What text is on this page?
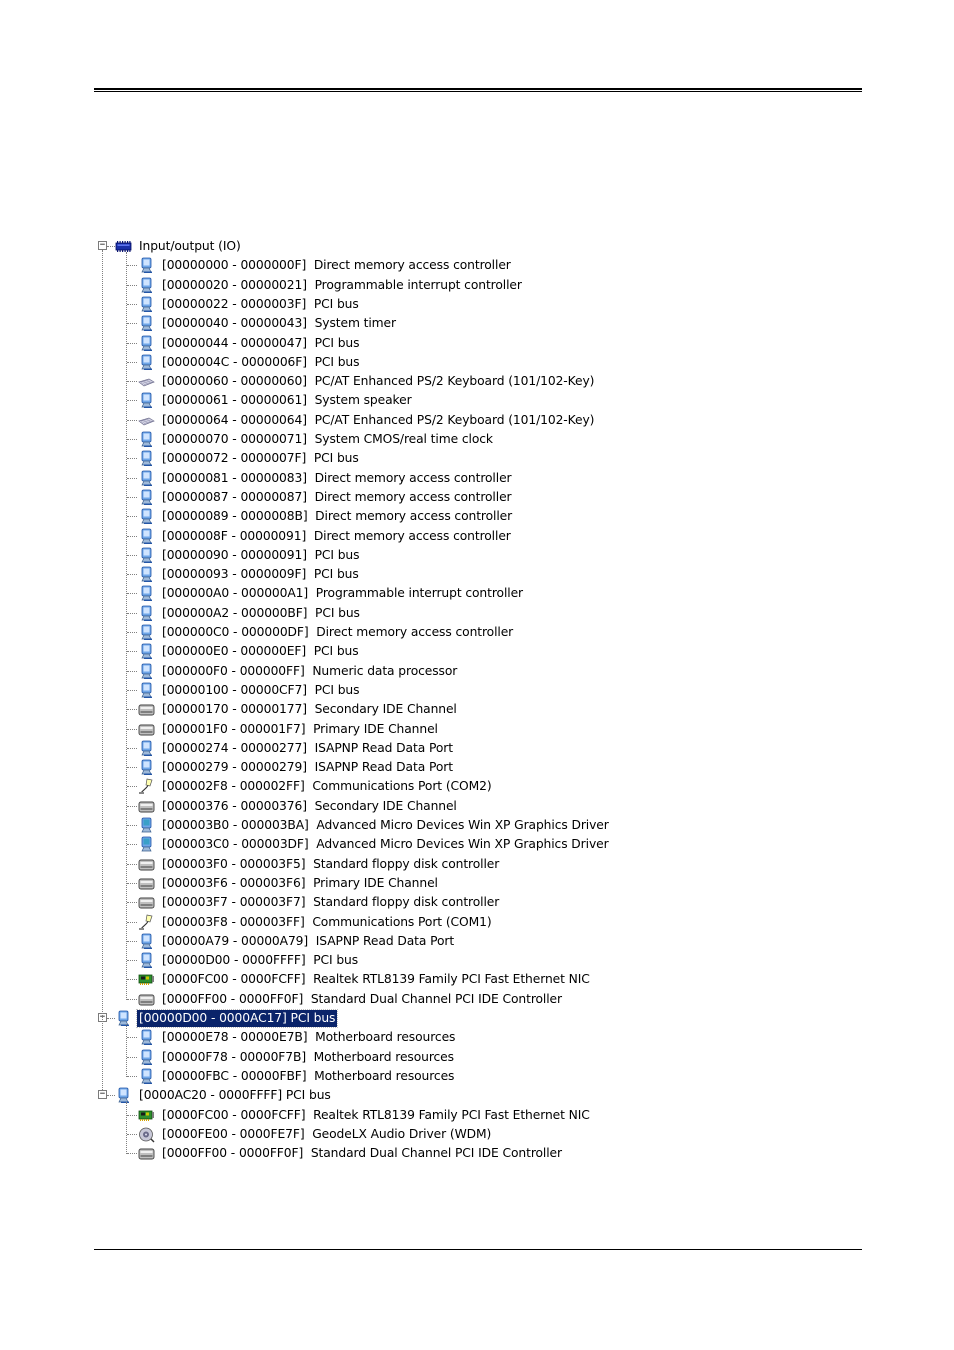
−	Input/output (IO)
[00000000 - 0000000F] Direct memory access controller
[00000020 - 00000021] Programmable interrupt controller
[00000022 - 0000003F] PCI bus
[00000040 - 00000043] System timer
[00000044 - 00000047] PCI bus
[0000004C - 0000006F] PCI bus
[00000060 - 00000060] PC/AT Enhanced PS/2 Keyboard (101/102-Key)
[00000061 - 00000061] System speaker
[00000064 - 00000064] PC/AT Enhanced PS/2 Keyboard (101/102-Key)
[00000070 - 00000071] System CMOS/real time clock
[00000072 - 0000007F] PCI bus
[00000081 - 00000083] Direct memory access controller
[00000087 - 00000087] Direct memory access controller
[00000089 - 0000008B] Direct memory access controller
[0000008F - 00000091] Direct memory access controller
[00000090 - 00000091] PCI bus
[00000093 - 0000009F] PCI bus
[000000A0 - 000000A1] Programmable interrupt controller
[000000A2 - 000000BF] PCI bus
[000000C0 - 000000DF] Direct memory access controller
[000000E0 - 000000EF] PCI bus
[000000F0 - 000000FF] Numeric data processor
[00000100 - 00000CF7] PCI bus
[00000170 - 00000177] Secondary IDE Channel
[000001F0 - 000001F7] Primary IDE Channel
[00000274 - 00000277] ISAPNP Read Data Port
[00000279 - 00000279] ISAPNP Read Data Port
[000002F8 - 000002FF] Communications Port (COM2)
[00000376 - 00000376] Secondary IDE Channel
[000003B0 - 000003BA] Advanced Micro Devices Win XP Graphics Driver
[000003C0 - 000003DF] Advanced Micro Devices Win XP Graphics Driver
[000003F0 - 000003F5] Standard floppy disk controller
[000003F6 - 000003F6] Primary IDE Channel
[000003F7 - 000003F7] Standard floppy disk controller
[000003F8 - 000003FF] Communications Port (COM1)
[00000A79 - 00000A79] ISAPNP Read Data Port
[00000D00 - 0000FFFF] PCI bus
[0000FC00 - 0000FCFF] Realtek RTL8139 Family PCI Fast Ethernet NIC
[0000FF00 - 0000FF0F] Standard Dual Channel PCI IDE Controller
−	[00000D00 - 0000AC17] PCI bus
[00000E78 - 00000E7B] Motherboard resources
[00000F78 - 00000F7B] Motherboard resources
[00000FBC - 00000FBF] Motherboard resources
−	[0000AC20 - 0000FFFF] PCI bus
[0000FC00 - 0000FCFF] Realtek RTL8139 Family PCI Fast Ethernet NIC
[0000FE00 - 0000FE7F] GeodeLX Audio Driver (WDM)
[0000FF00 - 0000FF0F] Standard Dual Channel PCI IDE Controller
